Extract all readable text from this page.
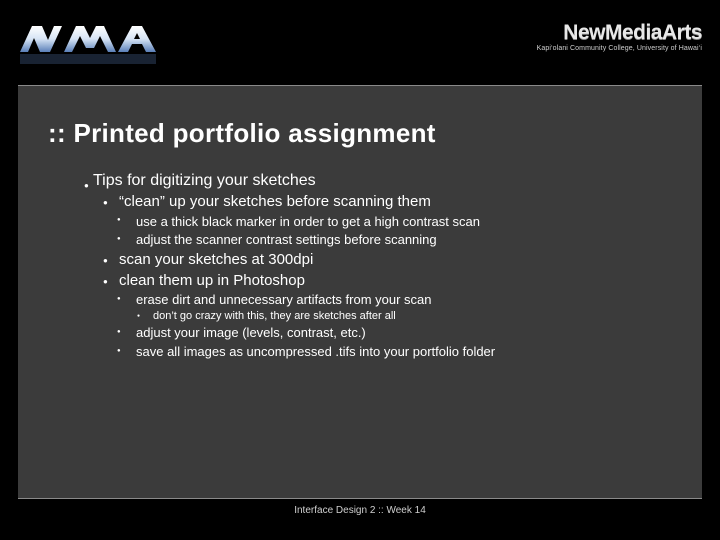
NewMediaArts
Kapi‘olani Community College, University of Hawai‘i
:: Printed portfolio assignment
● Tips for digitizing your sketches
● “clean” up your sketches before scanning them
● use a thick black marker in order to get a high contrast scan
● adjust the scanner contrast settings before scanning
● scan your sketches at 300dpi
● clean them up in Photoshop
● erase dirt and unnecessary artifacts from your scan
● don’t go crazy with this, they are sketches after all
● adjust your image (levels, contrast, etc.)
● save all images as uncompressed .tifs into your portfolio folder
Interface Design 2 :: Week 14
